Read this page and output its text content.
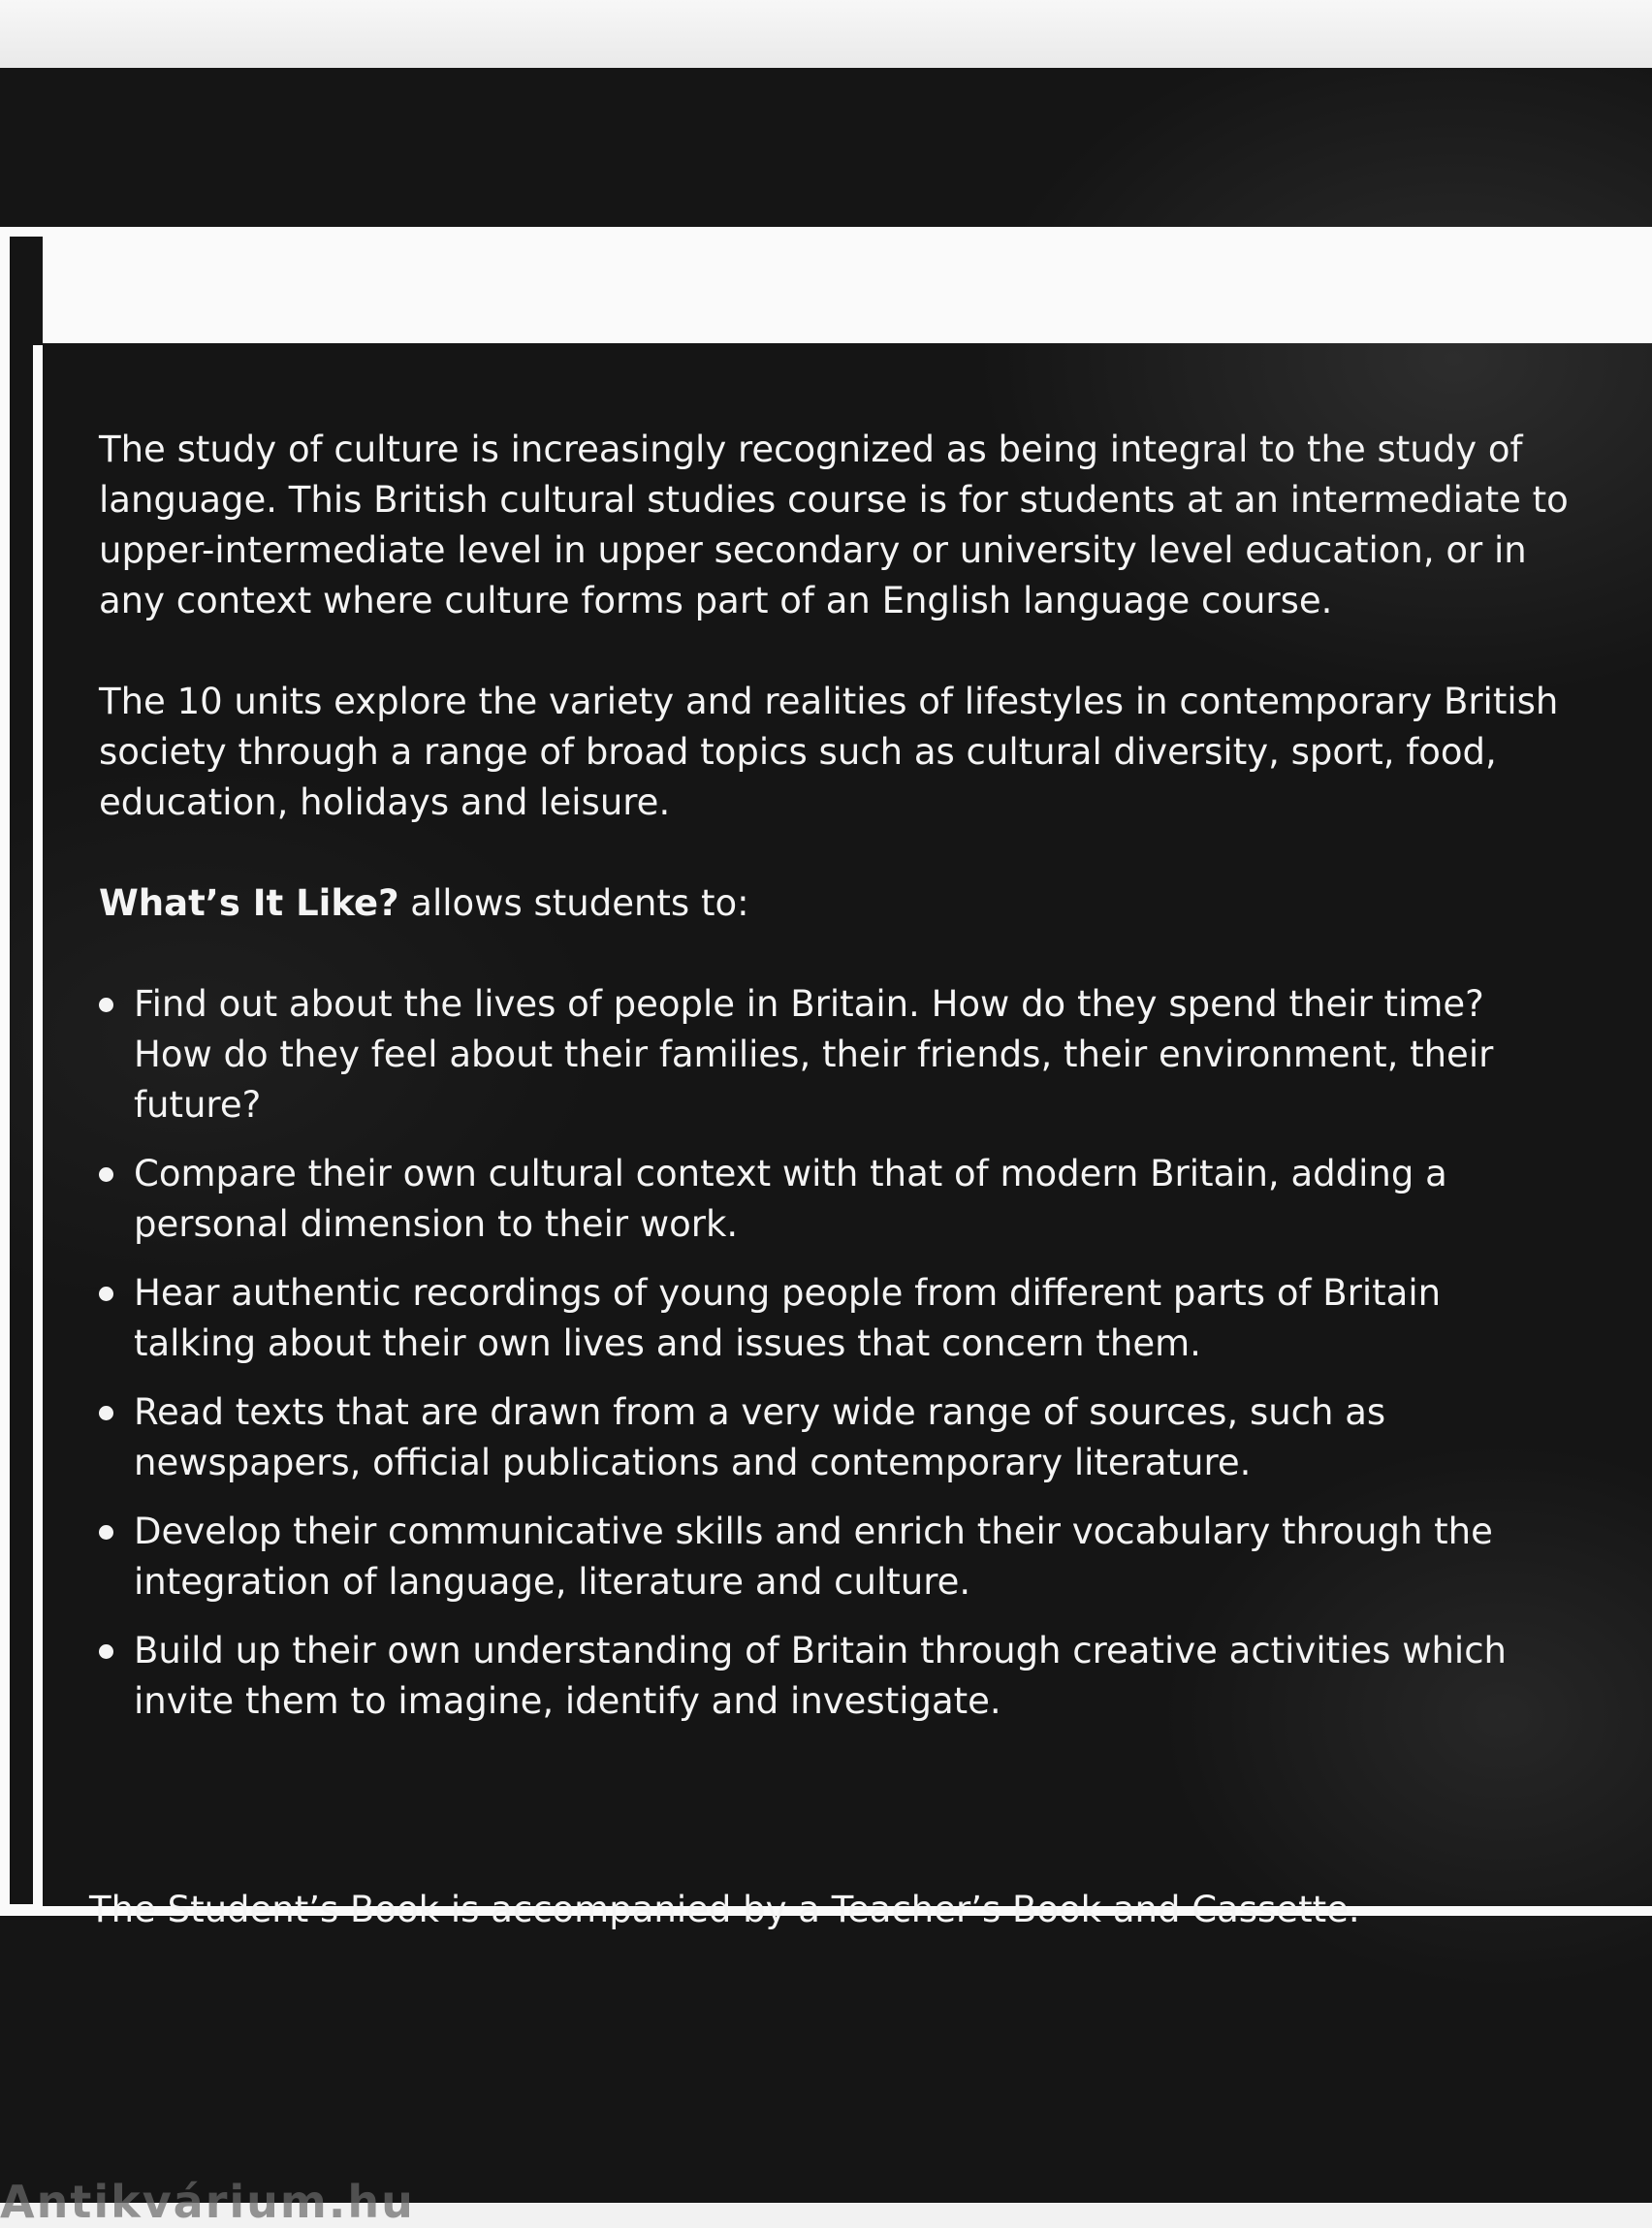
The study of culture is increasingly recognized as being integral to the study of language. This British cultural studies course is for students at an intermediate to upper-intermediate level in upper secondary or university level education, or in any context where culture forms part of an English language course.

The 10 units explore the variety and realities of lifestyles in contemporary British society through a range of broad topics such as cultural diversity, sport, food, education, holidays and leisure.

What’s It Like? allows students to:

Find out about the lives of people in Britain. How do they spend their time? How do they feel about their families, their friends, their environment, their future?
Compare their own cultural context with that of modern Britain, adding a personal dimension to their work.
Hear authentic recordings of young people from different parts of Britain talking about their own lives and issues that concern them.
Read texts that are drawn from a very wide range of sources, such as newspapers, official publications and contemporary literature.
Develop their communicative skills and enrich their vocabulary through the integration of language, literature and culture.
Build up their own understanding of Britain through creative activities which invite them to imagine, identify and investigate.

The Student’s Book is accompanied by a Teacher’s Book and Cassette.

Antikvárium.hu
